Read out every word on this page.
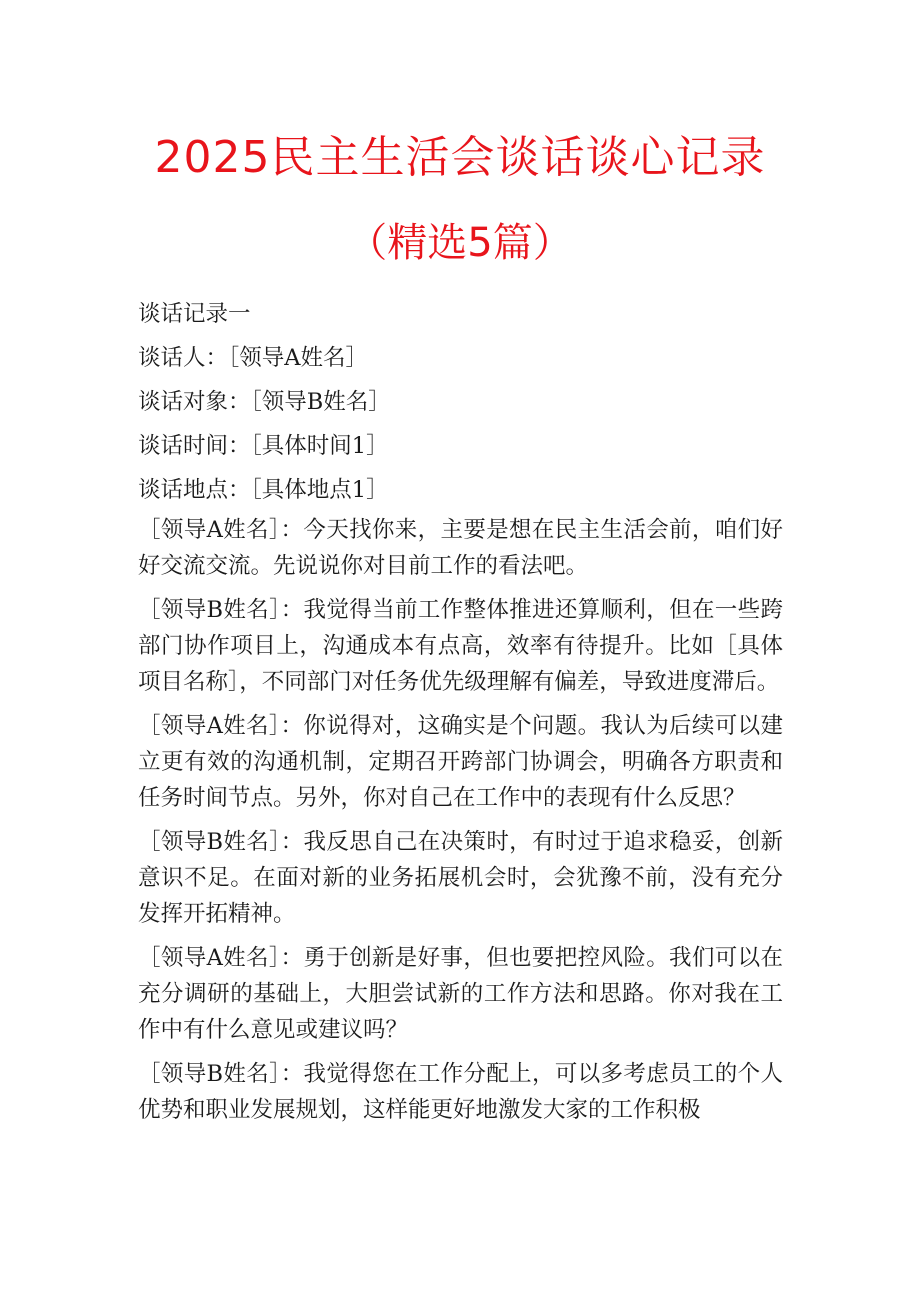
2025民主生活会谈话谈心记录
（精选5篇）

谈话记录一

谈话人：［领导A姓名］

谈话对象：［领导B姓名］

谈话时间：［具体时间1］

谈话地点：［具体地点1］

［领导A姓名］：今天找你来，主要是想在民主生活会前，咱们好好交流交流。先说说你对目前工作的看法吧。

［领导B姓名］：我觉得当前工作整体推进还算顺利，但在一些跨部门协作项目上，沟通成本有点高，效率有待提升。比如［具体项目名称］，不同部门对任务优先级理解有偏差，导致进度滞后。

［领导A姓名］：你说得对，这确实是个问题。我认为后续可以建立更有效的沟通机制，定期召开跨部门协调会，明确各方职责和任务时间节点。另外，你对自己在工作中的表现有什么反思？

［领导B姓名］：我反思自己在决策时，有时过于追求稳妥，创新意识不足。在面对新的业务拓展机会时，会犹豫不前，没有充分发挥开拓精神。

［领导A姓名］：勇于创新是好事，但也要把控风险。我们可以在充分调研的基础上，大胆尝试新的工作方法和思路。你对我在工作中有什么意见或建议吗？

［领导B姓名］：我觉得您在工作分配上，可以多考虑员工的个人优势和职业发展规划，这样能更好地激发大家的工作积极
